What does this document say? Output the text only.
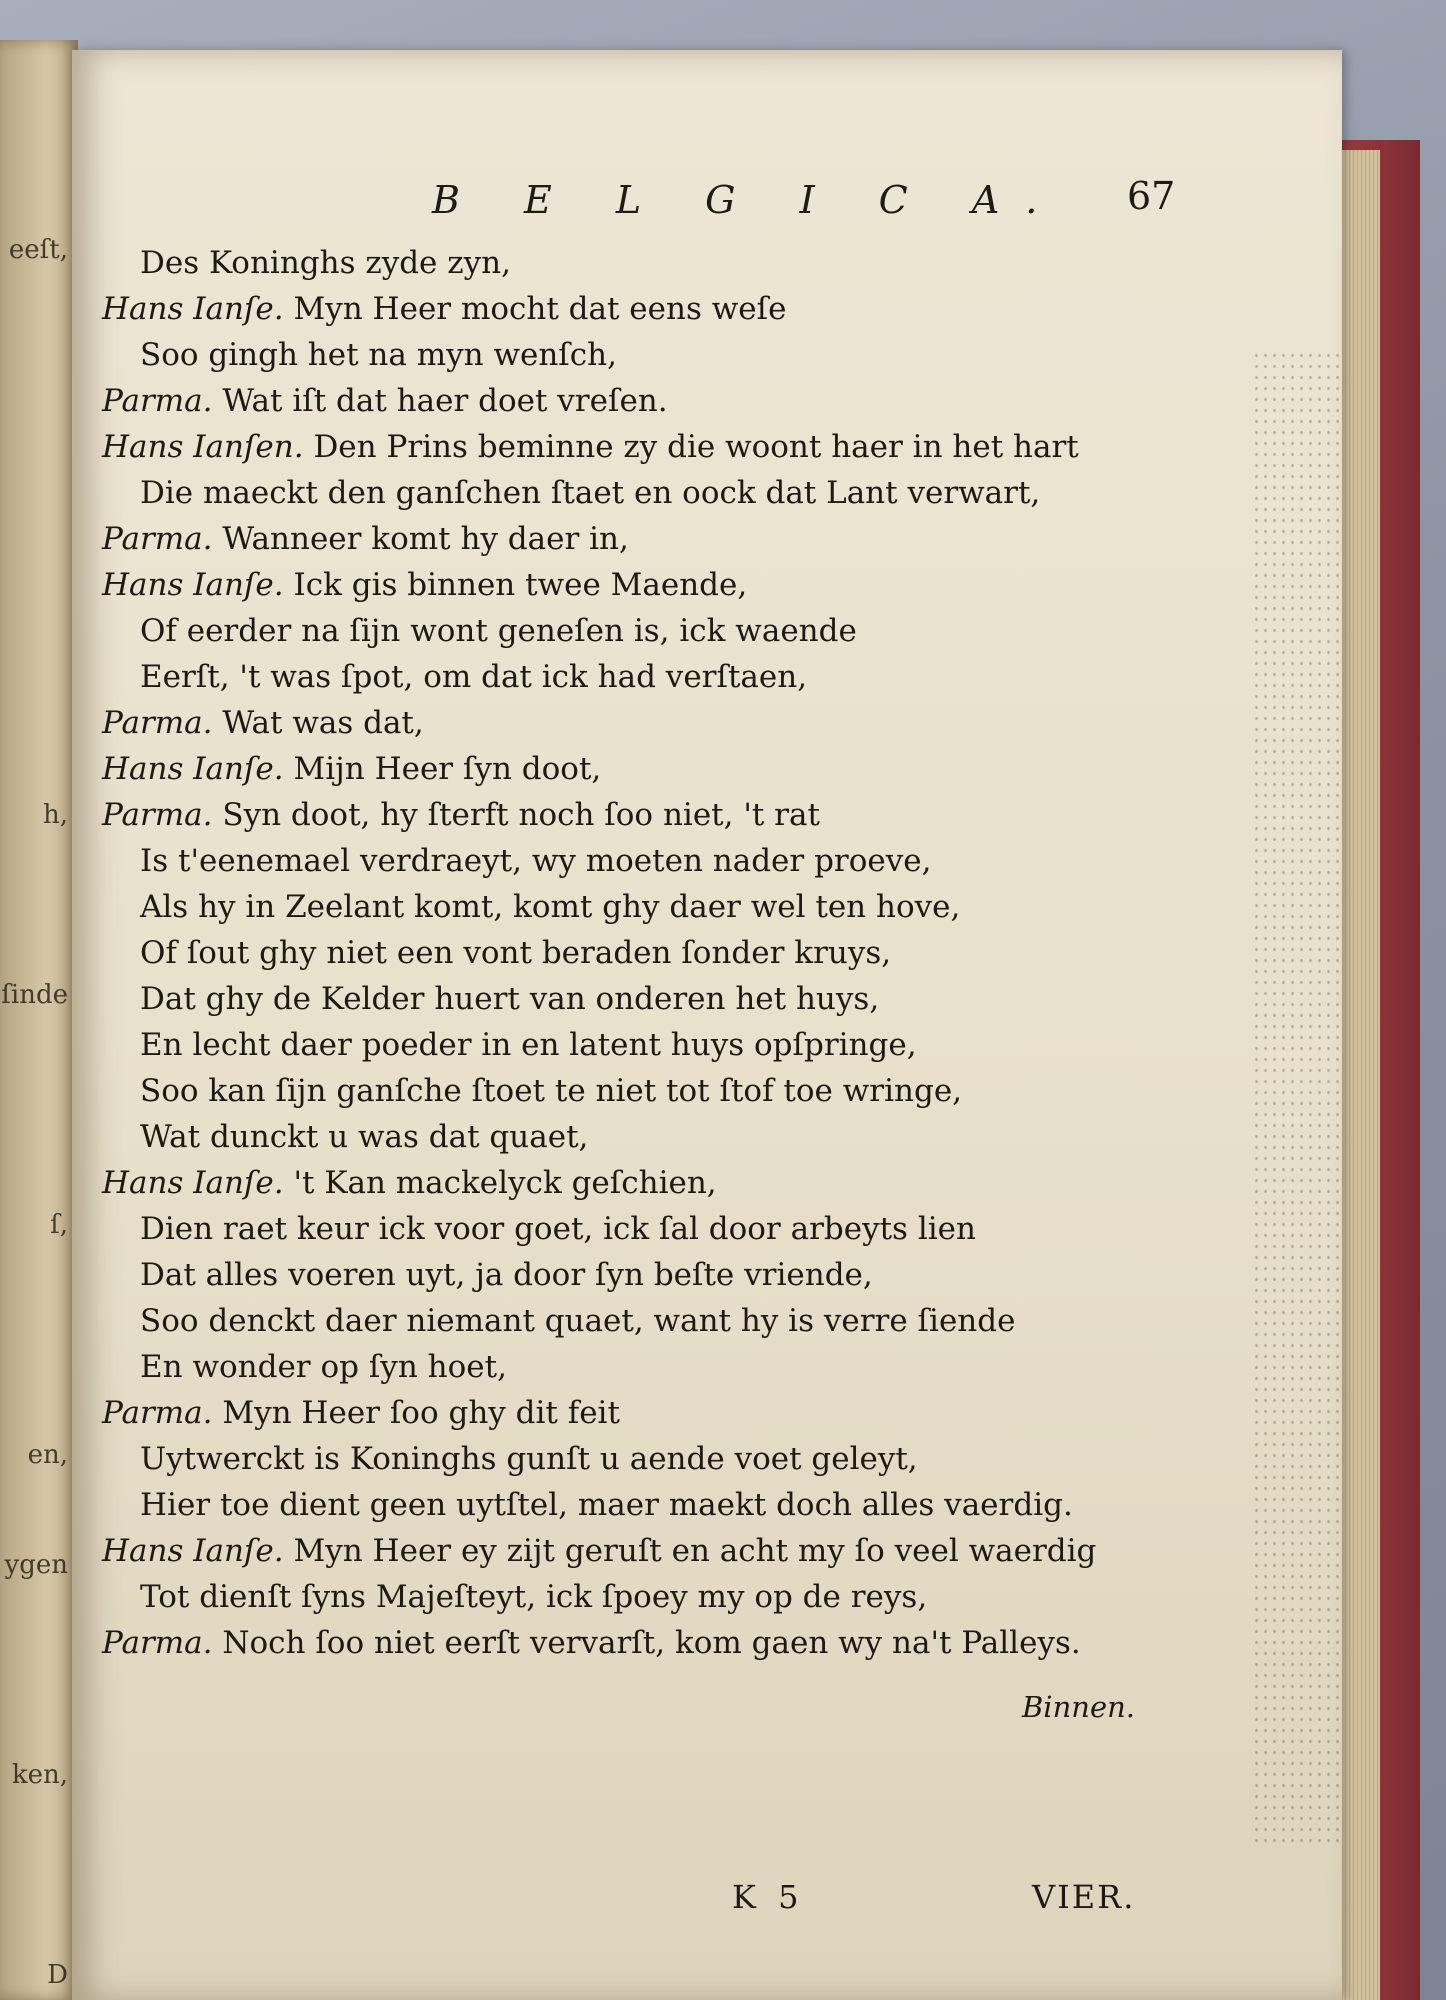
eeſt,
h,
ſinde
ſ,
en,
ygen
ken,
D
B E L G I C A. 67
Des Koninghs zyde zyn,
Hans Ianſe. Myn Heer mocht dat eens weſe
Soo gingh het na myn wenſch,
Parma. Wat iſt dat haer doet vreſen.
Hans Ianſen. Den Prins beminne zy die woont haer in het hart
Die maeckt den ganſchen ſtaet en oock dat Lant verwart,
Parma. Wanneer komt hy daer in,
Hans Ianſe. Ick gis binnen twee Maende,
Of eerder na ſijn wont geneſen is, ick waende
Eerſt, 't was ſpot, om dat ick had verſtaen,
Parma. Wat was dat,
Hans Ianſe. Mijn Heer ſyn doot,
Parma. Syn doot, hy ſterft noch ſoo niet, 't rat
Is t'eenemael verdraeyt, wy moeten nader proeve,
Als hy in Zeelant komt, komt ghy daer wel ten hove,
Of ſout ghy niet een vont beraden ſonder kruys,
Dat ghy de Kelder huert van onderen het huys,
En lecht daer poeder in en latent huys opſpringe,
Soo kan ſijn ganſche ſtoet te niet tot ſtof toe wringe,
Wat dunckt u was dat quaet,
Hans Ianſe. 't Kan mackelyck geſchien,
Dien raet keur ick voor goet, ick ſal door arbeyts lien
Dat alles voeren uyt, ja door ſyn beſte vriende,
Soo denckt daer niemant quaet, want hy is verre ſiende
En wonder op ſyn hoet,
Parma. Myn Heer ſoo ghy dit feit
Uytwerckt is Koninghs gunſt u aende voet geleyt,
Hier toe dient geen uytſtel, maer maekt doch alles vaerdig.
Hans Ianſe. Myn Heer ey zijt geruſt en acht my ſo veel waerdig
Tot dienſt ſyns Majeſteyt, ick ſpoey my op de reys,
Parma. Noch ſoo niet eerſt vervarſt, kom gaen wy na't Palleys.
Binnen.
K 5	VIER.
